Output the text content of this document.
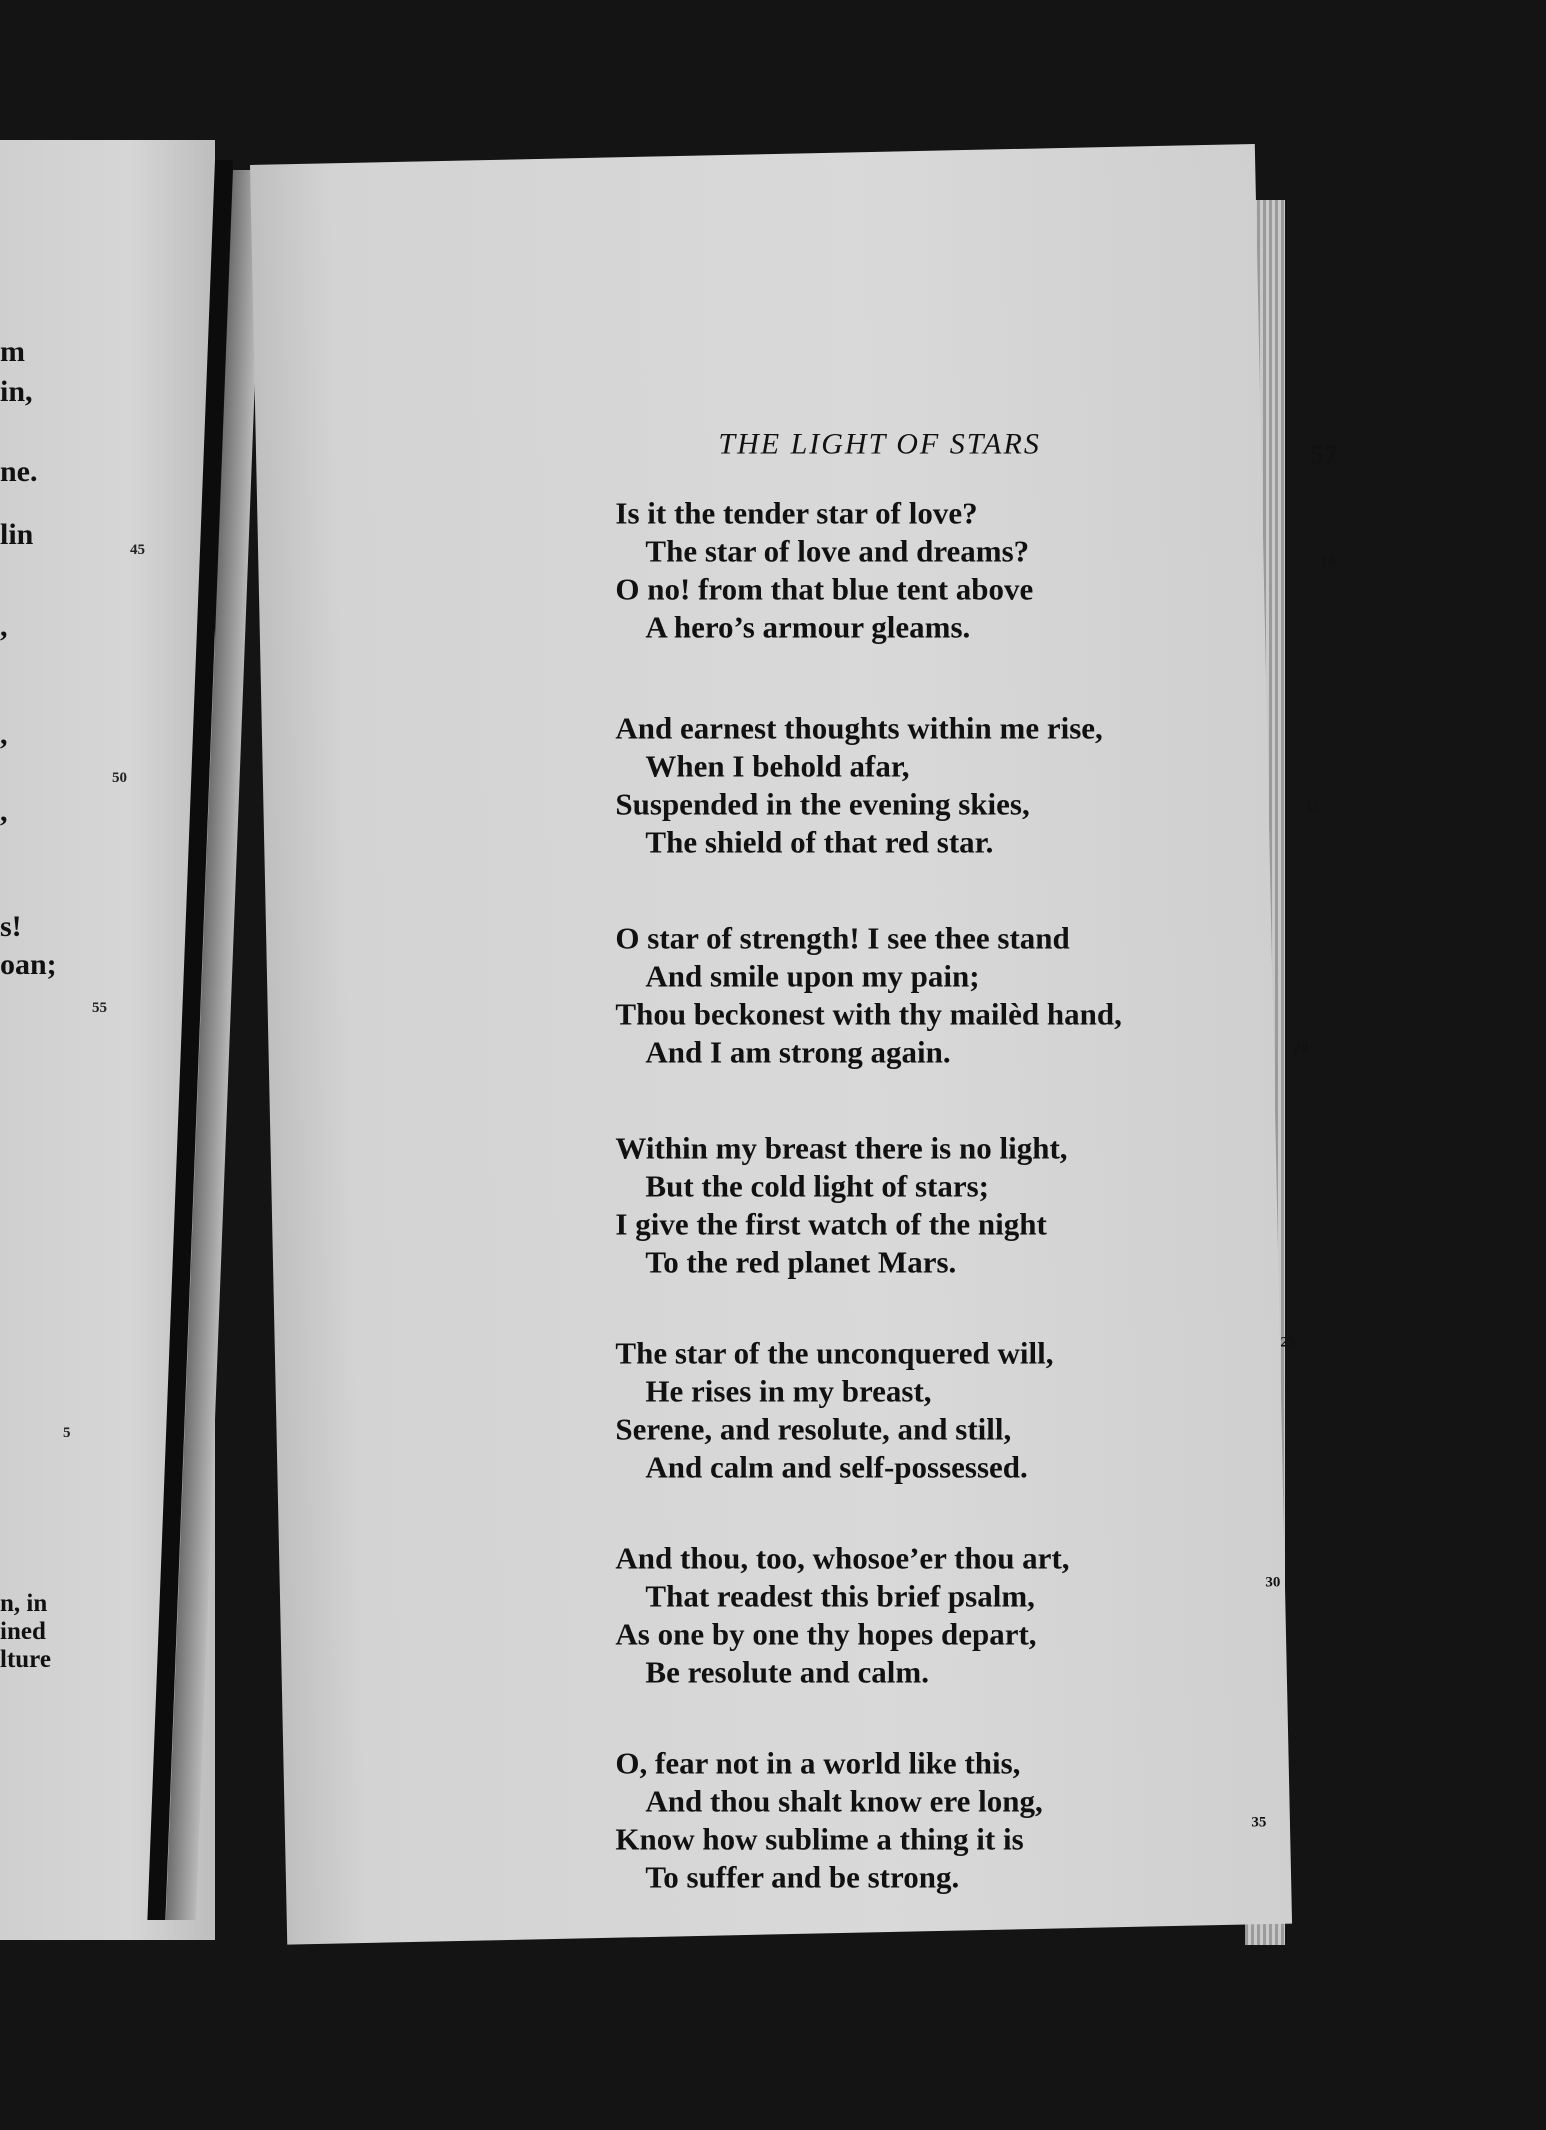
m
in,
ne.
lin
,
,
,
s!
oan;
n, in
ined
lture
45
50
55
5
THE LIGHT OF STARS	57
Is it the tender star of love?
The star of love and dreams?
O no! from that blue tent above
A hero’s armour gleams.
And earnest thoughts within me rise,
When I behold afar,
Suspended in the evening skies,
The shield of that red star.
O star of strength! I see thee stand
And smile upon my pain;
Thou beckonest with thy mailèd hand,
And I am strong again.
Within my breast there is no light,
But the cold light of stars;
I give the first watch of the night
To the red planet Mars.
The star of the unconquered will,
He rises in my breast,
Serene, and resolute, and still,
And calm and self-possessed.
And thou, too, whosoe’er thou art,
That readest this brief psalm,
As one by one thy hopes depart,
Be resolute and calm.
O, fear not in a world like this,
And thou shalt know ere long,
Know how sublime a thing it is
To suffer and be strong.
10
15
20
25
30
35
